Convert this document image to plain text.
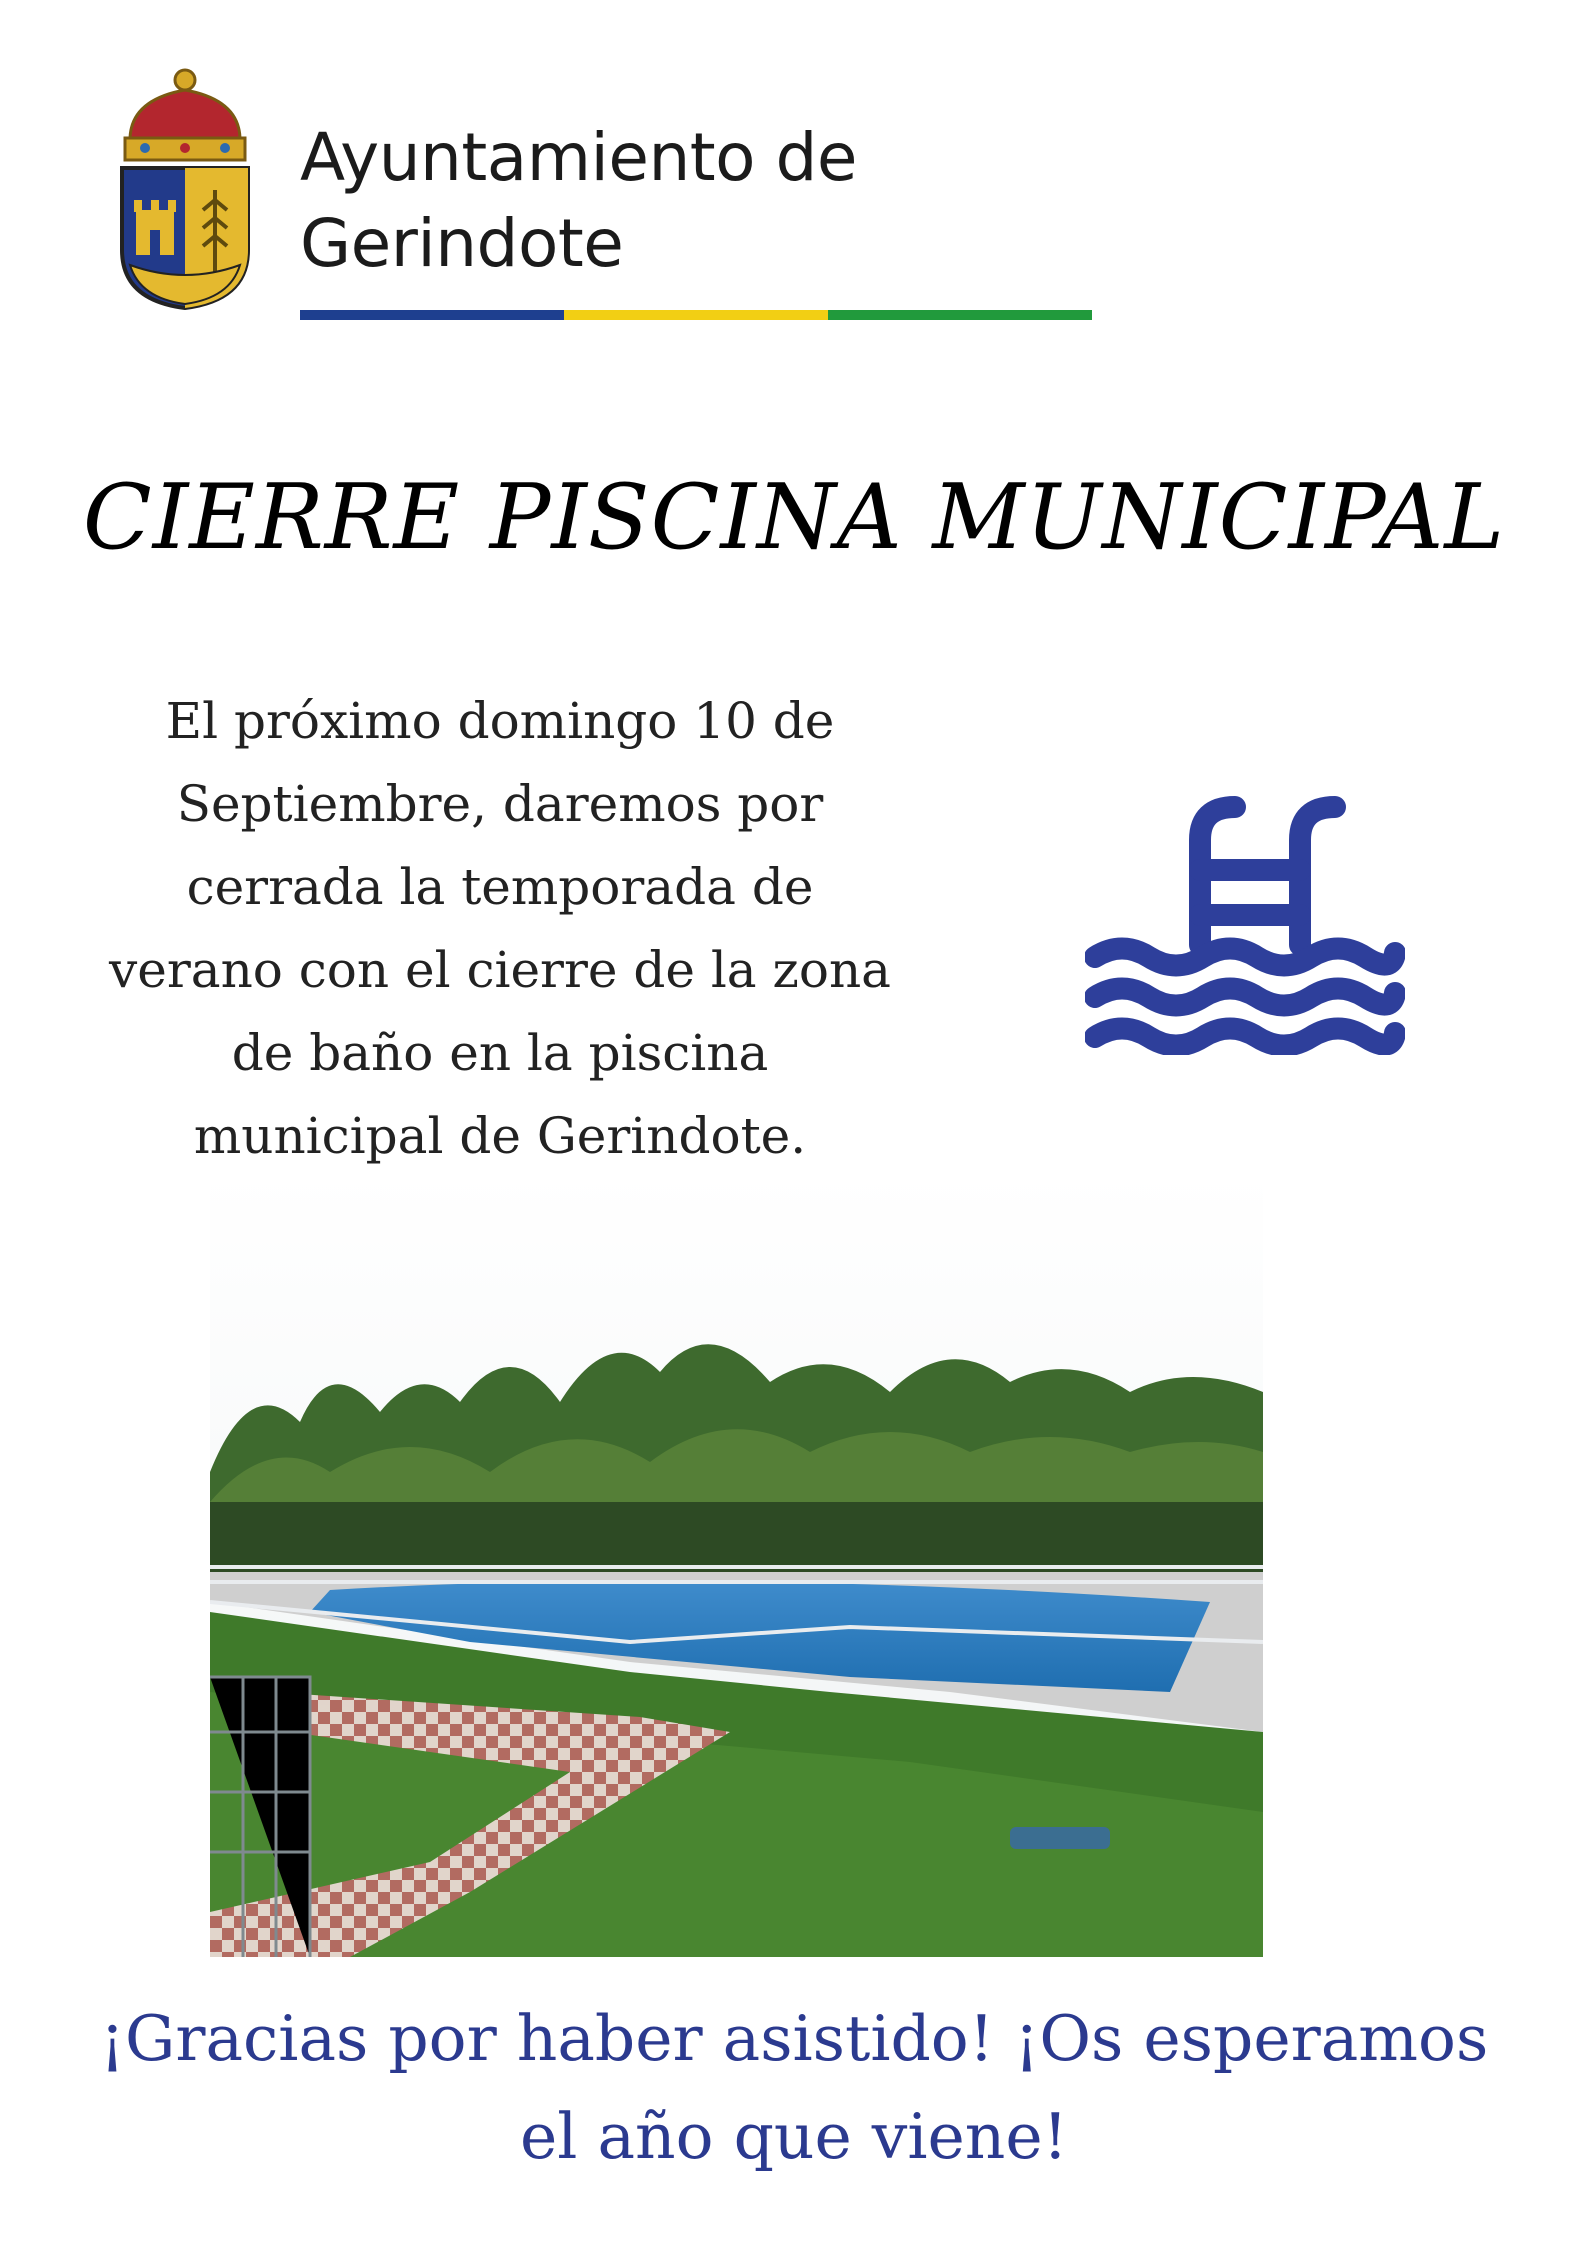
Ayuntamiento de
Gerindote
CIERRE PISCINA MUNICIPAL
El próximo domingo 10 de
Septiembre, daremos por
cerrada la temporada de
verano con el cierre de la zona
de baño en la piscina
municipal de Gerindote.
¡Gracias por haber asistido! ¡Os esperamos
el año que viene!
